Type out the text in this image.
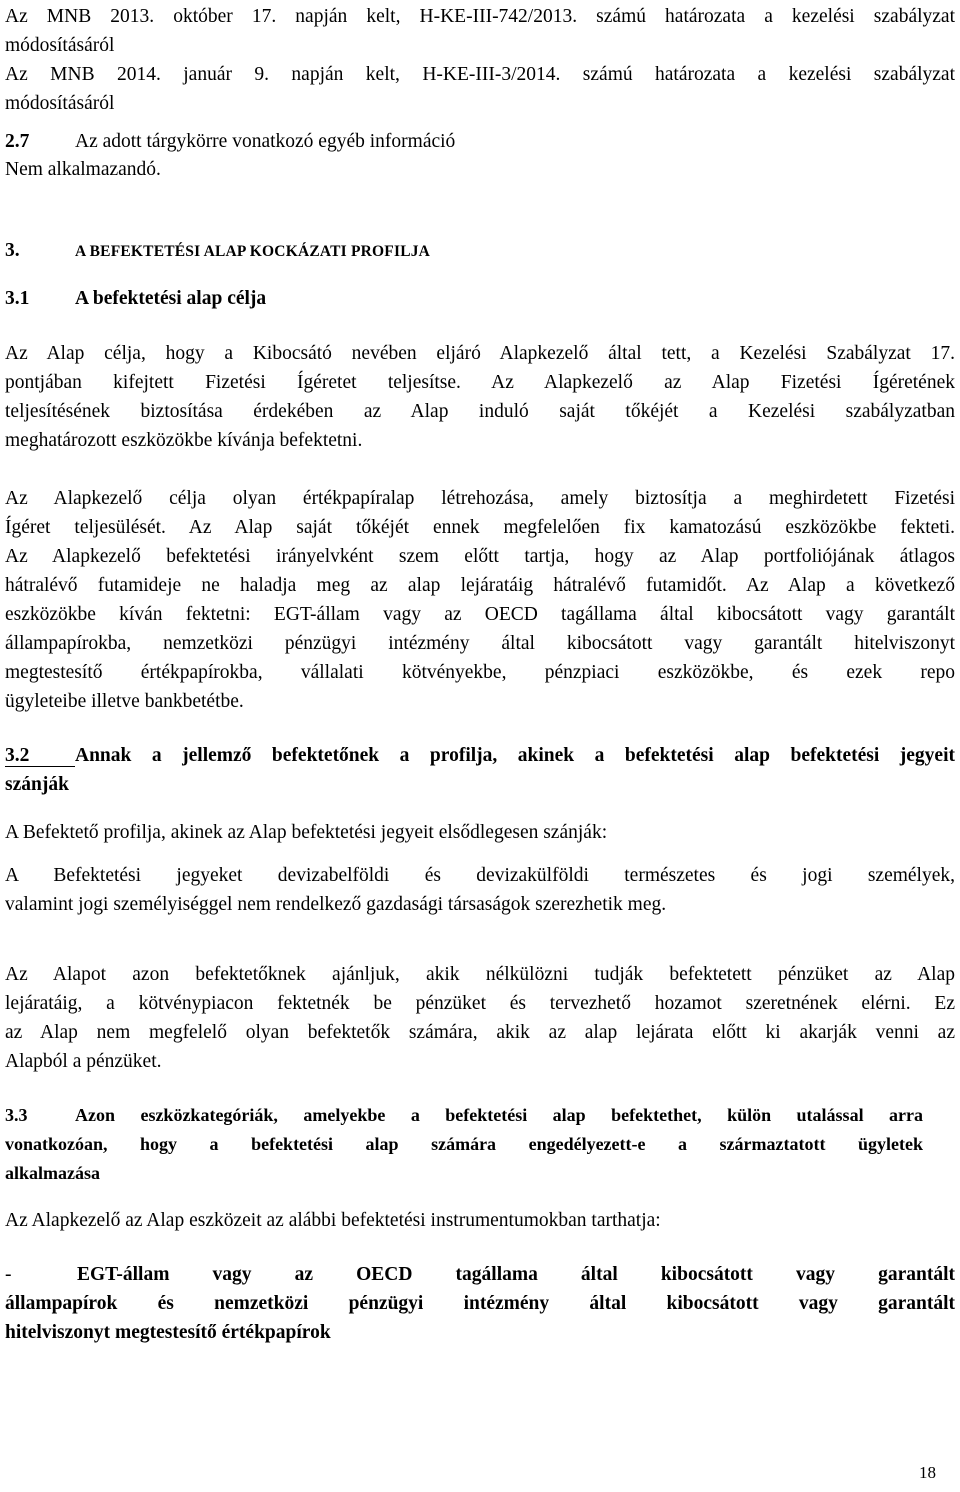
Az MNB 2013. október 17. napján kelt, H-KE-III-742/2013. számú határozata a kezelési szabályzat
módosításáról

Az MNB 2014. január 9. napján kelt, H-KE-III-3/2014. számú határozata a kezelési szabályzat
módosításáról

2.7 Az adott tárgykörre vonatkozó egyéb információ

Nem alkalmazandó.

3.	A BEFEKTETÉSI ALAP KOCKÁZATI PROFILJA
3.1 A befektetési alap célja

Az Alap célja, hogy a Kibocsátó nevében eljáró Alapkezelő által tett, a Kezelési Szabályzat 17.
pontjában kifejtett Fizetési Ígéretet teljesítse. Az Alapkezelő az Alap Fizetési Ígéretének
teljesítésének biztosítása érdekében az Alap induló saját tőkéjét a Kezelési szabályzatban
meghatározott eszközökbe kívánja befektetni.

Az Alapkezelő célja olyan értékpapíralap létrehozása, amely biztosítja a meghirdetett Fizetési
Ígéret teljesülését. Az Alap saját tőkéjét ennek megfelelően fix kamatozású eszközökbe fekteti.
Az Alapkezelő befektetési irányelvként szem előtt tartja, hogy az Alap portfoliójának átlagos
hátralévő futamideje ne haladja meg az alap lejáratáig hátralévő futamidőt. Az Alap a következő
eszközökbe kíván fektetni: EGT-állam vagy az OECD tagállama által kibocsátott vagy garantált
állampapírokba, nemzetközi pénzügyi intézmény által kibocsátott vagy garantált hitelviszonyt
megtestesítő értékpapírokba, vállalati kötvényekbe, pénzpiaci eszközökbe, és ezek repo
ügyleteibe illetve bankbetétbe.

3.2 Annak a jellemző befektetőnek a profilja, akinek a befektetési alap befektetési jegyeit
szánják

A Befektető profilja, akinek az Alap befektetési jegyeit elsődlegesen szánják:

A Befektetési jegyeket devizabelföldi és devizakülföldi természetes és jogi személyek,
valamint jogi személyiséggel nem rendelkező gazdasági társaságok szerezhetik meg.

Az Alapot azon befektetőknek ajánljuk, akik nélkülözni tudják befektetett pénzüket az Alap
lejáratáig, a kötvénypiacon fektetnék be pénzüket és tervezhető hozamot szeretnének elérni. Ez
az Alap nem megfelelő olyan befektetők számára, akik az alap lejárata előtt ki akarják venni az
Alapból a pénzüket.

3.3	Azon eszközkategóriák, amelyekbe a befektetési alap befektethet, külön utalással arra
vonatkozóan, hogy a befektetési alap számára engedélyezett-e a származtatott ügyletek
alkalmazása

Az Alapkezelő az Alap eszközeit az alábbi befektetési instrumentumokban tarthatja:

-	EGT-állam vagy az OECD tagállama által kibocsátott vagy garantált
állampapírok és nemzetközi pénzügyi intézmény által kibocsátott vagy garantált
hitelviszonyt megtestesítő értékpapírok
18
